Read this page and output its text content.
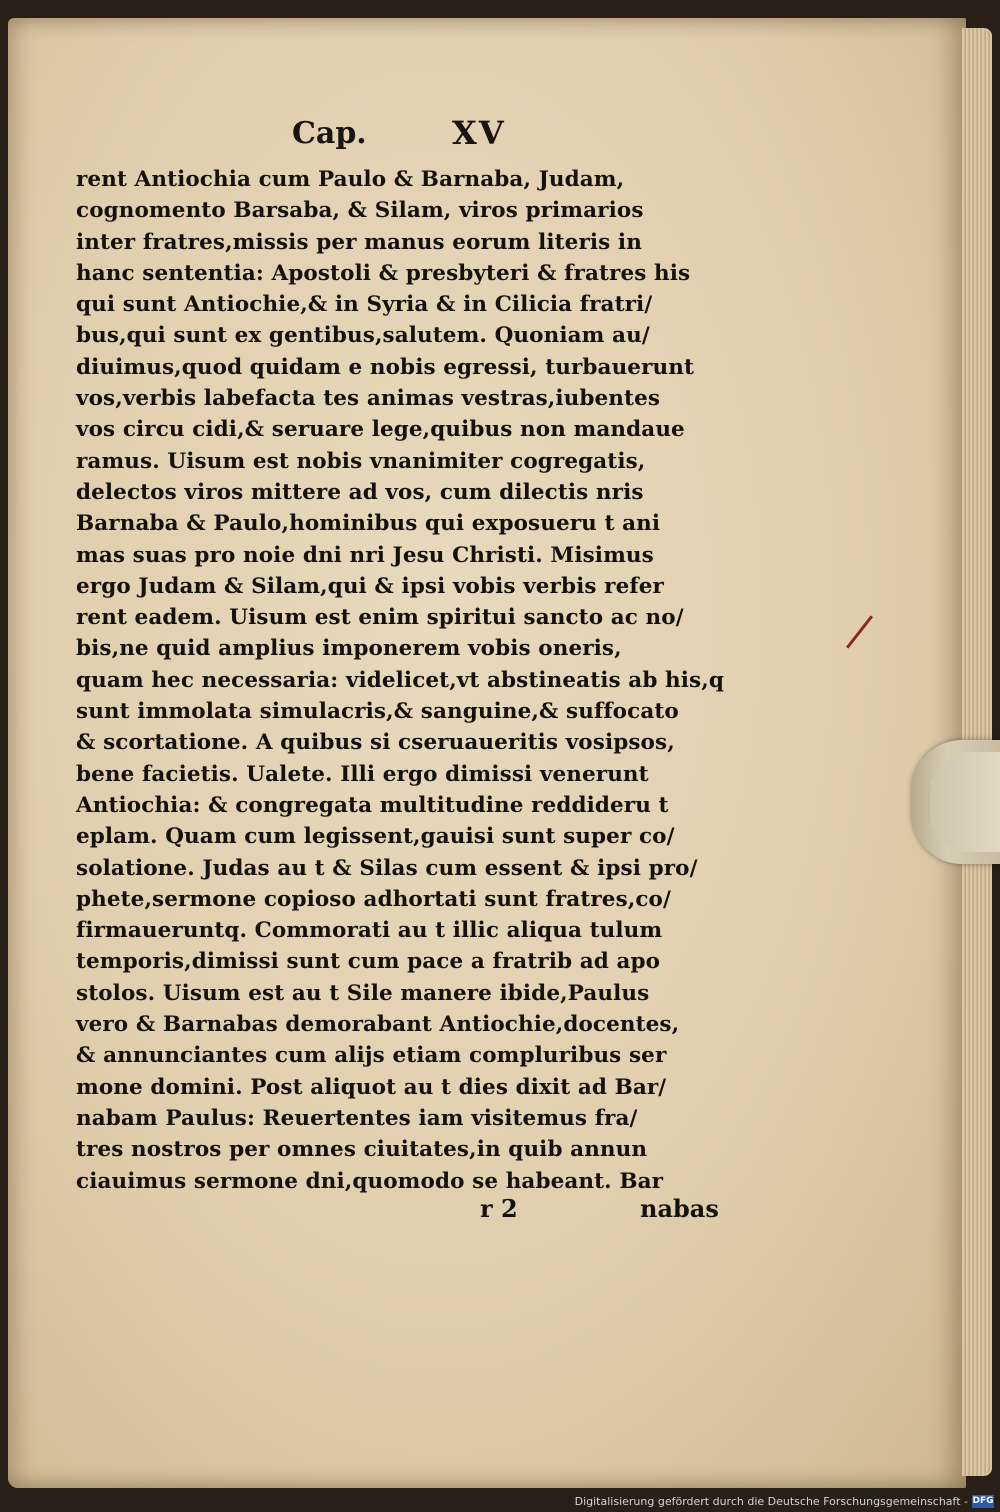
Cap.	XV
rent Antiochia cum Paulo & Barnaba, Judam,
cognomento Barsaba, & Silam, viros primarios
inter fratres,missis per manus eorum literis in
hanc sententia: Apostoli & presbyteri & fratres his
qui sunt Antiochie,& in Syria & in Cilicia fratri/
bus,qui sunt ex gentibus,salutem. Quoniam au/
diuimus,quod quidam e nobis egressi, turbauerunt
vos,verbis labefacta tes animas vestras,iubentes
vos circu cidi,& seruare lege,quibus non mandaue
ramus. Uisum est nobis vnanimiter cogregatis,
delectos viros mittere ad vos, cum dilectis nris
Barnaba & Paulo,hominibus qui exposueru t ani
mas suas pro noie dni nri Jesu Christi. Misimus
ergo Judam & Silam,qui & ipsi vobis verbis refer
rent eadem. Uisum est enim spiritui sancto ac no/
bis,ne quid amplius imponerem vobis oneris,
quam hec necessaria: videlicet,vt abstineatis ab his,q
sunt immolata simulacris,& sanguine,& suffocato
& scortatione. A quibus si cseruaueritis vosipsos,
bene facietis. Ualete. Illi ergo dimissi venerunt
Antiochia: & congregata multitudine reddideru t
eplam. Quam cum legissent,gauisi sunt super co/
solatione. Judas au t & Silas cum essent & ipsi pro/
phete,sermone copioso adhortati sunt fratres,co/
firmaueruntq. Commorati au t illic aliqua tulum
temporis,dimissi sunt cum pace a fratrib ad apo
stolos. Uisum est au t Sile manere ibide,Paulus
vero & Barnabas demorabant Antiochie,docentes,
& annunciantes cum alijs etiam compluribus ser
mone domini. Post aliquot au t dies dixit ad Bar/
nabam Paulus: Reuertentes iam visitemus fra/
tres nostros per omnes ciuitates,in quib annun
ciauimus sermone dni,quomodo se habeant. Bar
r 2	nabas
Digitalisierung gefördert durch die Deutsche Forschungsgemeinschaft - DFG
